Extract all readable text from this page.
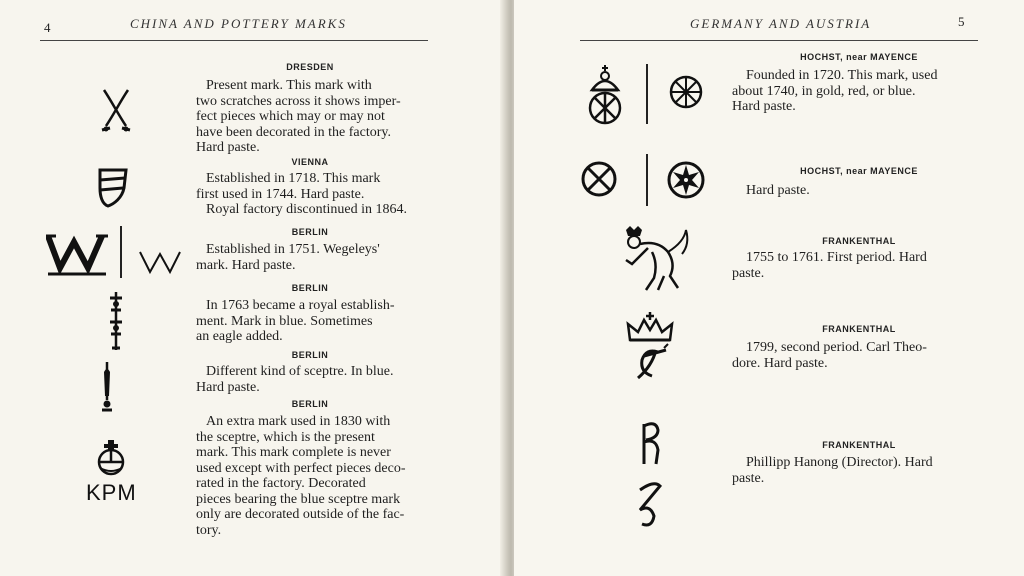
4	CHINA AND POTTERY MARKS
DRESDEN
Present mark. This mark with
two scratches across it shows imper-
fect pieces which may or may not
have been decorated in the factory.
Hard paste.
VIENNA
Established in 1718. This mark
first used in 1744. Hard paste.
Royal factory discontinued in 1864.
BERLIN
Established in 1751. Wegeleys'
mark. Hard paste.
BERLIN
In 1763 became a royal establish-
ment. Mark in blue. Sometimes
an eagle added.
BERLIN
Different kind of sceptre. In blue.
Hard paste.
KPM
BERLIN
An extra mark used in 1830 with
the sceptre, which is the present
mark. This mark complete is never
used except with perfect pieces deco-
rated in the factory. Decorated
pieces bearing the blue sceptre mark
only are decorated outside of the fac-
tory.
GERMANY AND AUSTRIA	5
HOCHST, near MAYENCE
Founded in 1720. This mark, used
about 1740, in gold, red, or blue.
Hard paste.
HOCHST, near MAYENCE
Hard paste.
FRANKENTHAL
1755 to 1761. First period. Hard
paste.
FRANKENTHAL
1799, second period. Carl Theo-
dore. Hard paste.
FRANKENTHAL
Phillipp Hanong (Director). Hard
paste.
